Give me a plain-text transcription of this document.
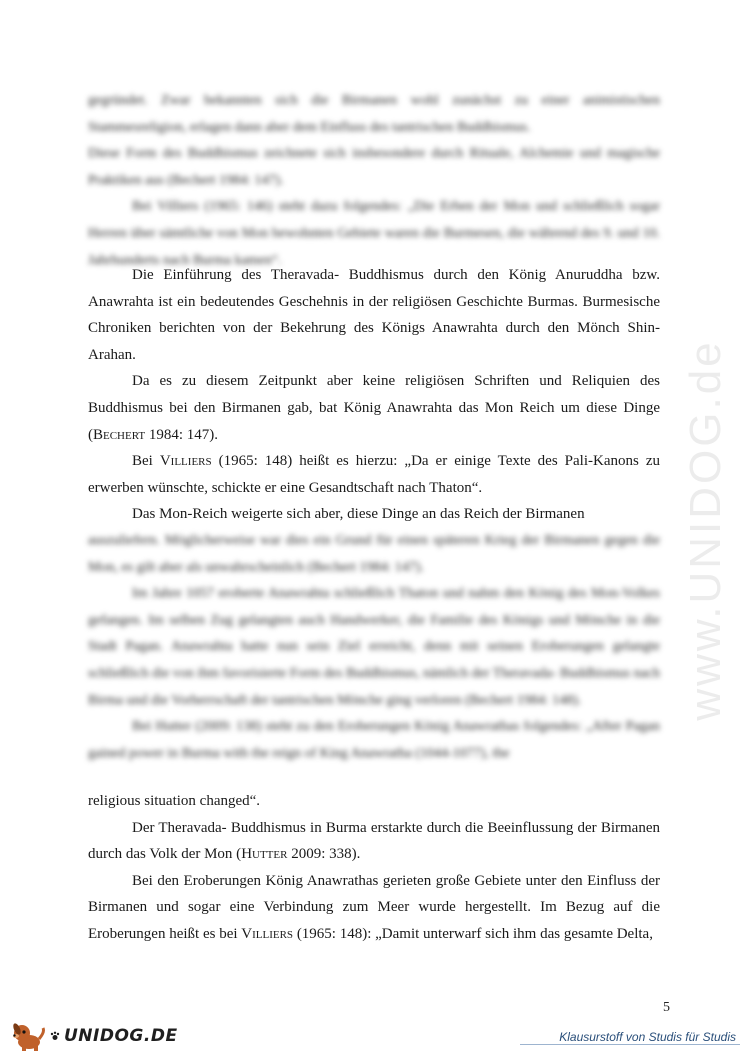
www.UNIDOG.de

gegründet. Zwar bekannten sich die Birmanen wohl zunächst zu einer animistischen Stammesreligion, erlagen dann aber dem Einfluss des tantrischen Buddhismus.

Diese Form des Buddhismus zeichnete sich insbesondere durch Rituale, Alchemie und magische Praktiken aus (Bechert 1984: 147).

Bei Villiers (1965: 146) steht dazu folgendes: „Die Erben der Mon und schließlich sogar Herren über sämtliche von Mon bewohnten Gebiete waren die Burmesen, die während des 9. und 10. Jahrhunderts nach Burma kamen“.

Die Einführung des Theravada- Buddhismus durch den König Anuruddha bzw. Anawrahta ist ein bedeutendes Geschehnis in der religiösen Geschichte Burmas. Burmesische Chroniken berichten von der Bekehrung des Königs Anawrahta durch den Mönch Shin-Arahan.

Da es zu diesem Zeitpunkt aber keine religiösen Schriften und Reliquien des Buddhismus bei den Birmanen gab, bat König Anawrahta das Mon Reich um diese Dinge (Bechert 1984: 147).

Bei Villiers (1965: 148) heißt es hierzu: „Da er einige Texte des Pali-Kanons zu erwerben wünschte, schickte er eine Gesandtschaft nach Thaton“.

Das Mon-Reich weigerte sich aber, diese Dinge an das Reich der Birmanen

auszuliefern. Möglicherweise war dies ein Grund für einen späteren Krieg der Birmanen gegen die Mon, es gilt aber als unwahrscheinlich (Bechert 1984: 147).

Im Jahre 1057 eroberte Anawrahta schließlich Thaton und nahm den König des Mon-Volkes gefangen. Im selben Zug gelangten auch Handwerker, die Familie des Königs und Mönche in die Stadt Pagan. Anawrahta hatte nun sein Ziel erreicht, denn mit seinen Eroberungen gelangte schließlich die von ihm favorisierte Form des Buddhismus, nämlich der Theravada- Buddhismus nach Birma und die Vorherrschaft der tantrischen Mönche ging verloren (Bechert 1984: 148).

Bei Hutter (2009: 138) steht zu den Eroberungen König Anawrathas folgendes: „After Pagan gained power in Burma with the reign of King Anawratha (1044-1077), the

religious situation changed“.

Der Theravada- Buddhismus in Burma erstarkte durch die Beeinflussung der Birmanen durch das Volk der Mon (Hutter 2009: 338).

Bei den Eroberungen König Anawrathas gerieten große Gebiete unter den Einfluss der Birmanen und sogar eine Verbindung zum Meer wurde hergestellt. Im Bezug auf die Eroberungen heißt es bei Villiers (1965: 148): „Damit unterwarf sich ihm das gesamte Delta,

5
UNIDOG.DE	Klausurstoff von Studis für Studis
